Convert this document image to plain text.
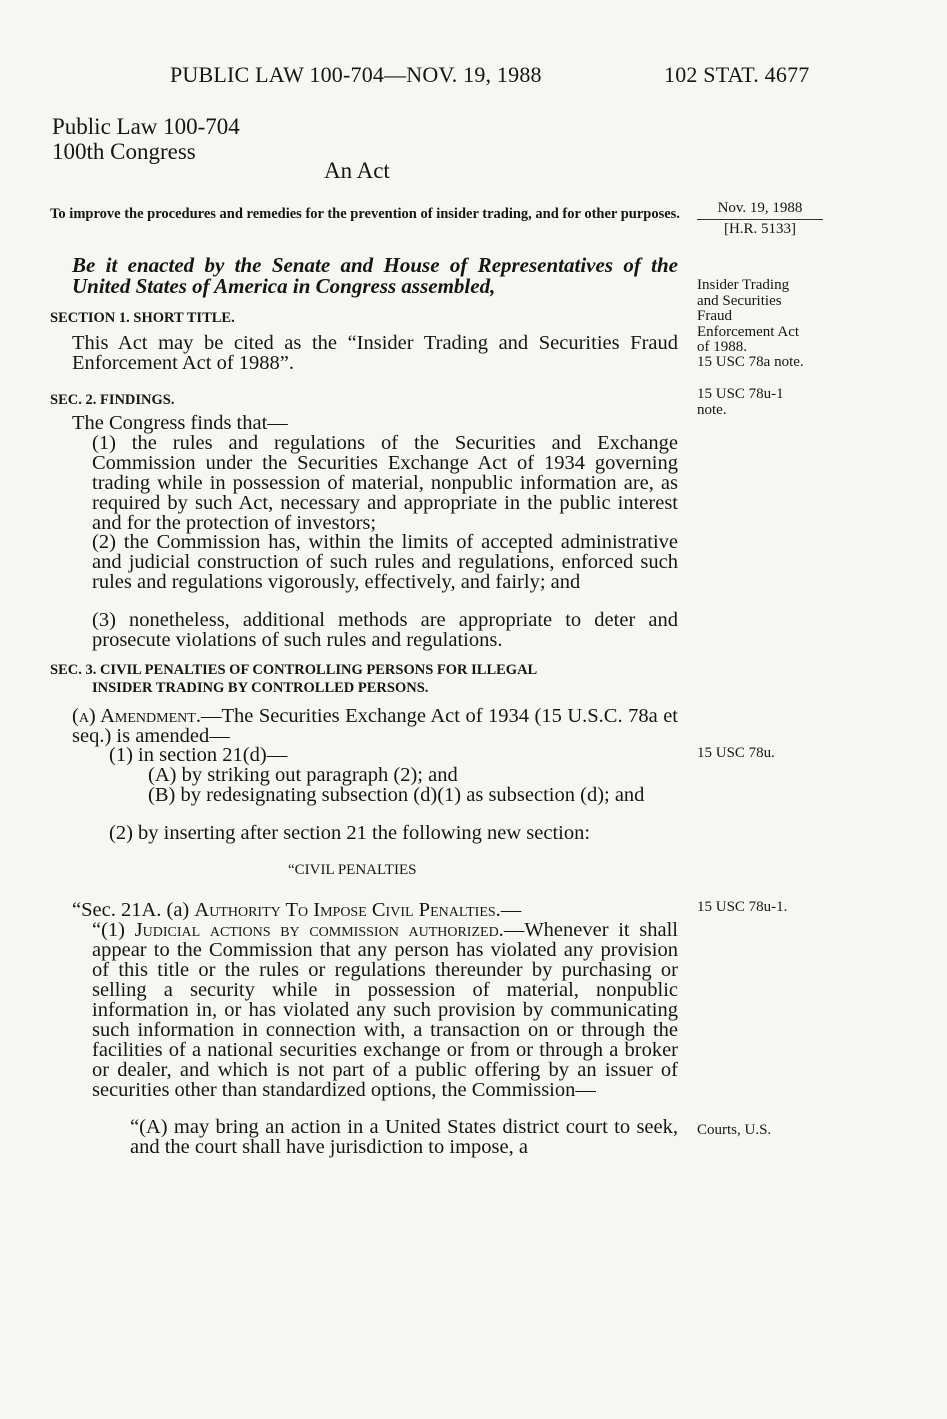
PUBLIC LAW 100-704—NOV. 19, 1988	102 STAT. 4677
Public Law 100-704
100th Congress
An Act
To improve the procedures and remedies for the prevention of insider trading, and for other purposes.	Nov. 19, 1988
[H.R. 5133]
Insider Trading and Securities Fraud Enforcement Act of 1988.
15 USC 78a note.
15 USC 78u-1 note.
15 USC 78u.
15 USC 78u-1.
Courts, U.S.
Be it enacted by the Senate and House of Representatives of the United States of America in Congress assembled,
SECTION 1. SHORT TITLE.
This Act may be cited as the “Insider Trading and Securities Fraud Enforcement Act of 1988”.
SEC. 2. FINDINGS.
The Congress finds that—
(1) the rules and regulations of the Securities and Exchange Commission under the Securities Exchange Act of 1934 governing trading while in possession of material, nonpublic information are, as required by such Act, necessary and appropriate in the public interest and for the protection of investors;
(2) the Commission has, within the limits of accepted administrative and judicial construction of such rules and regulations, enforced such rules and regulations vigorously, effectively, and fairly; and
(3) nonetheless, additional methods are appropriate to deter and prosecute violations of such rules and regulations.
SEC. 3. CIVIL PENALTIES OF CONTROLLING PERSONS FOR ILLEGAL
INSIDER TRADING BY CONTROLLED PERSONS.
(a) Amendment.—The Securities Exchange Act of 1934 (15 U.S.C. 78a et seq.) is amended—
(1) in section 21(d)—
(A) by striking out paragraph (2); and
(B) by redesignating subsection (d)(1) as subsection (d); and
(2) by inserting after section 21 the following new section:
“CIVIL PENALTIES
“Sec. 21A. (a) Authority To Impose Civil Penalties.—
“(1) Judicial actions by commission authorized.—Whenever it shall appear to the Commission that any person has violated any provision of this title or the rules or regulations thereunder by purchasing or selling a security while in possession of material, nonpublic information in, or has violated any such provision by communicating such information in connection with, a transaction on or through the facilities of a national securities exchange or from or through a broker or dealer, and which is not part of a public offering by an issuer of securities other than standardized options, the Commission—
“(A) may bring an action in a United States district court to seek, and the court shall have jurisdiction to impose, a
